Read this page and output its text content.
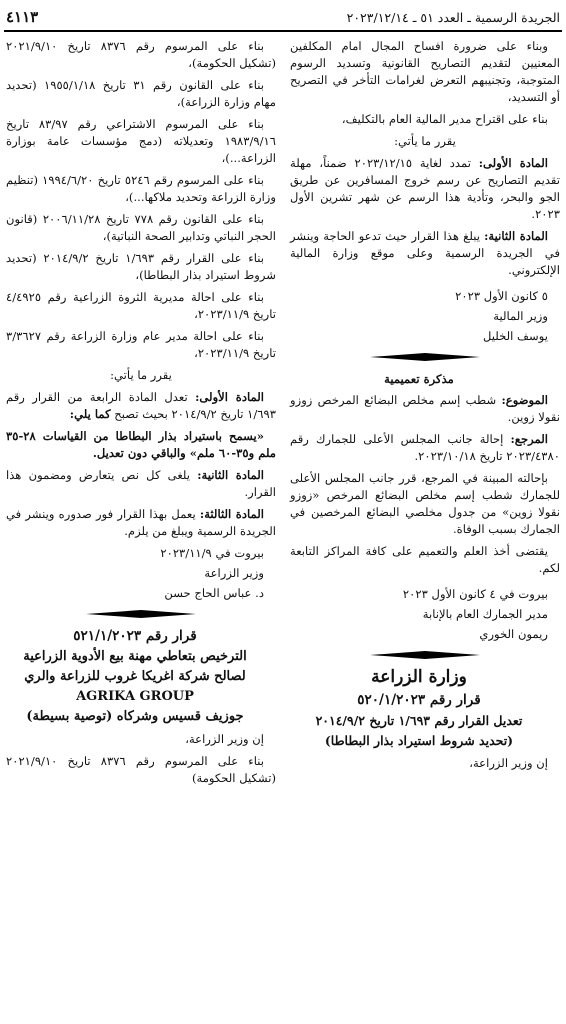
الجريدة الرسمية ـ العدد ٥١ ـ ٢٠٢٣/١٢/١٤
٤١١٣

وبناء على ضرورة افساح المجال امام المكلفين المعنيين لتقديم التصاريح القانونية وتسديد الرسوم المتوجبة، وتجنيبهم التعرض لغرامات التأخر في التصريح أو التسديد،

بناء على اقتراح مدير المالية العام بالتكليف،

يقرر ما يأتي:

المادة الأولى: تمدد لغاية ٢٠٢٣/١٢/١٥ ضمناً، مهلة تقديم التصاريح عن رسم خروج المسافرين عن طريق الجو والبحر، وتأدية هذا الرسم عن شهر تشرين الأول ٢٠٢٣.

المادة الثانية: يبلغ هذا القرار حيث تدعو الحاجة وينشر في الجريدة الرسمية وعلى موقع وزارة المالية الإلكتروني.

٥ كانون الأول ٢٠٢٣

وزير المالية

يوسف الخليل

مذكرة تعميمية

الموضوع: شطب إسم مخلص البضائع المرخص زوزو نقولا زوين.

المرجع: إحالة جانب المجلس الأعلى للجمارك رقم ٢٠٢٣/٤٣٨٠ تاريخ ٢٠٢٣/١٠/١٨.

بإحالته المبينة في المرجع، قرر جانب المجلس الأعلى للجمارك شطب إسم مخلص البضائع المرخص «زوزو نقولا زوين» من جدول مخلصي البضائع المرخصين في الجمارك بسبب الوفاة.

يقتضى أخذ العلم والتعميم على كافة المراكز التابعة لكم.

بيروت في ٤ كانون الأول ٢٠٢٣

مدير الجمارك العام بالإنابة

ريمون الخوري

وزارة الزراعة

قرار رقم ٥٢٠/١/٢٠٢٣

تعديل القرار رقم ١/٦٩٣ تاريخ ٢٠١٤/٩/٢

(تحديد شروط استيراد بذار البطاطا)

إن وزير الزراعة،

بناء على المرسوم رقم ٨٣٧٦ تاريخ ٢٠٢١/٩/١٠ (تشكيل الحكومة)،

بناء على القانون رقم ٣١ تاريخ ١٩٥٥/١/١٨ (تحديد مهام وزارة الزراعة)،

بناء على المرسوم الاشتراعي رقم ٨٣/٩٧ تاريخ ١٩٨٣/٩/١٦ وتعديلاته (دمج مؤسسات عامة بوزارة الزراعة...)،

بناء على المرسوم رقم ٥٢٤٦ تاريخ ١٩٩٤/٦/٢٠ (تنظيم وزارة الزراعة وتحديد ملاكها...)،

بناء على القانون رقم ٧٧٨ تاريخ ٢٠٠٦/١١/٢٨ (قانون الحجر النباتي وتدابير الصحة النباتية)،

بناء على القرار رقم ١/٦٩٣ تاريخ ٢٠١٤/٩/٢ (تحديد شروط استيراد بذار البطاطا)،

بناء على احالة مديرية الثروة الزراعية رقم ٤/٤٩٢٥ تاريخ ٢٠٢٣/١١/٩،

بناء على احالة مدير عام وزارة الزراعة رقم ٣/٣٦٢٧ تاريخ ٢٠٢٣/١١/٩،

يقرر ما يأتي:

المادة الأولى: تعدل المادة الرابعة من القرار رقم ١/٦٩٣ تاريخ ٢٠١٤/٩/٢ بحيث تصبح كما يلي:

«يسمح باستيراد بذار البطاطا من القياسات ٢٨-٣٥ ملم و٣٥-٦٠ ملم» والباقي دون تعديل.

المادة الثانية: يلغى كل نص يتعارض ومضمون هذا القرار.

المادة الثالثة: يعمل بهذا القرار فور صدوره وينشر في الجريدة الرسمية ويبلغ من يلزم.

بيروت في ٢٠٢٣/١١/٩

وزير الزراعة

د. عباس الحاج حسن

قرار رقم ٥٢١/١/٢٠٢٣

الترخيص بتعاطي مهنة بيع الأدوية الزراعية

لصالح شركة اغريكا غروب للزراعة والري

AGRIKA GROUP

جوزيف قسيس وشركاه (توصية بسيطة)

إن وزير الزراعة،

بناء على المرسوم رقم ٨٣٧٦ تاريخ ٢٠٢١/٩/١٠ (تشكيل الحكومة)
